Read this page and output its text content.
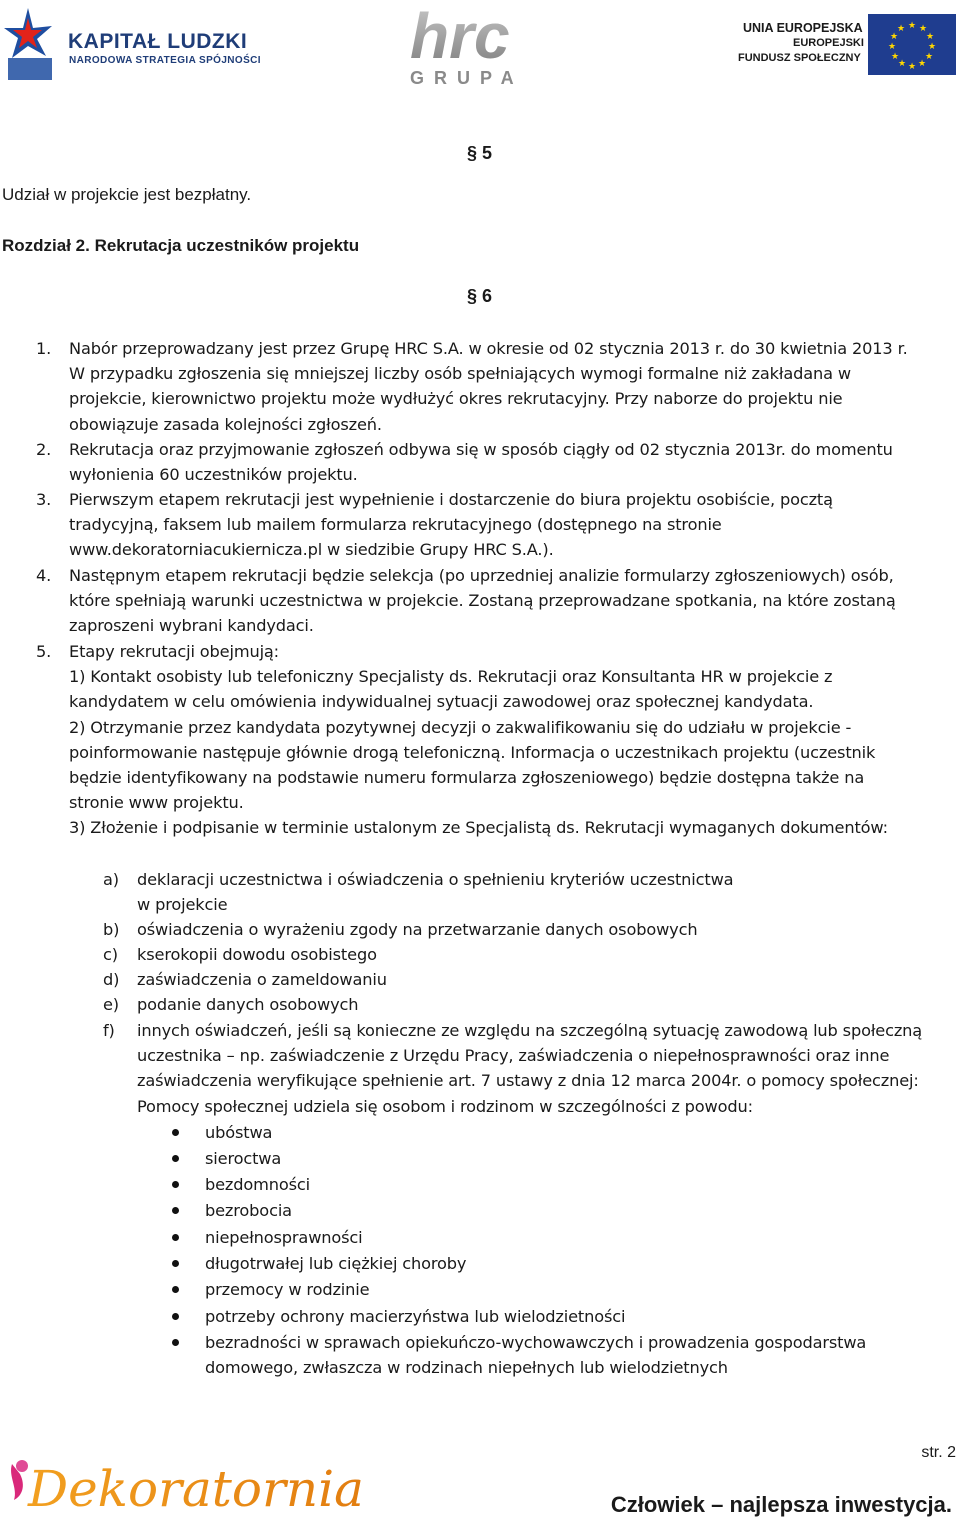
KAPITAŁ LUDZKI
NARODOWA STRATEGIA SPÓJNOŚCI hrc
GRUPA
UNIA EUROPEJSKA
EUROPEJSKI
FUNDUSZ SPOŁECZNY
★ ★
★
★
★
★
★
★
★
★
★
★
§ 5
Udział w projekcie jest bezpłatny.
Rozdział 2. Rekrutacja uczestników projektu
§ 6
1. Nabór przeprowadzany jest przez Grupę HRC S.A. w okresie od 02 stycznia 2013 r. do 30 kwietnia 2013 r.
W przypadku zgłoszenia się mniejszej liczby osób spełniających wymogi formalne niż zakładana w
projekcie, kierownictwo projektu może wydłużyć okres rekrutacyjny. Przy naborze do projektu nie
obowiązuje zasada kolejności zgłoszeń.
2. Rekrutacja oraz przyjmowanie zgłoszeń odbywa się w sposób ciągły od 02 stycznia 2013r. do momentu
wyłonienia 60 uczestników projektu.
3. Pierwszym etapem rekrutacji jest wypełnienie i dostarczenie do biura projektu osobiście, pocztą
tradycyjną, faksem lub mailem formularza rekrutacyjnego (dostępnego na stronie
www.dekoratorniacukiernicza.pl w siedzibie Grupy HRC S.A.).
4. Następnym etapem rekrutacji będzie selekcja (po uprzedniej analizie formularzy zgłoszeniowych) osób,
które spełniają warunki uczestnictwa w projekcie. Zostaną przeprowadzane spotkania, na które zostaną
zaproszeni wybrani kandydaci.
5. Etapy rekrutacji obejmują:
1) Kontakt osobisty lub telefoniczny Specjalisty ds. Rekrutacji oraz Konsultanta HR w projekcie z
kandydatem w celu omówienia indywidualnej sytuacji zawodowej oraz społecznej kandydata.
2) Otrzymanie przez kandydata pozytywnej decyzji o zakwalifikowaniu się do udziału w projekcie -
poinformowanie następuje głównie drogą telefoniczną. Informacja o uczestnikach projektu (uczestnik
będzie identyfikowany na podstawie numeru formularza zgłoszeniowego) będzie dostępna także na
stronie www projektu.
3) Złożenie i podpisanie w terminie ustalonym ze Specjalistą ds. Rekrutacji wymaganych dokumentów:
a) deklaracji uczestnictwa i oświadczenia o spełnieniu kryteriów uczestnictwa
w projekcie
b) oświadczenia o wyrażeniu zgody na przetwarzanie danych osobowych
c) kserokopii dowodu osobistego
d) zaświadczenia o zameldowaniu
e) podanie danych osobowych
f) innych oświadczeń, jeśli są konieczne ze względu na szczególną sytuację zawodową lub społeczną
uczestnika – np. zaświadczenie z Urzędu Pracy, zaświadczenia o niepełnosprawności oraz inne
zaświadczenia weryfikujące spełnienie art. 7 ustawy z dnia 12 marca 2004r. o pomocy społecznej:
Pomocy społecznej udziela się osobom i rodzinom w szczególności z powodu:
ubóstwa
sieroctwa
bezdomności
bezrobocia
niepełnosprawności
długotrwałej lub ciężkiej choroby
przemocy w rodzinie
potrzeby ochrony macierzyństwa lub wielodzietności
bezradności w sprawach opiekuńczo-wychowawczych i prowadzenia gospodarstwa
domowego, zwłaszcza w rodzinach niepełnych lub wielodzietnych
str. 2
Dekoratornia	Człowiek – najlepsza inwestycja.
